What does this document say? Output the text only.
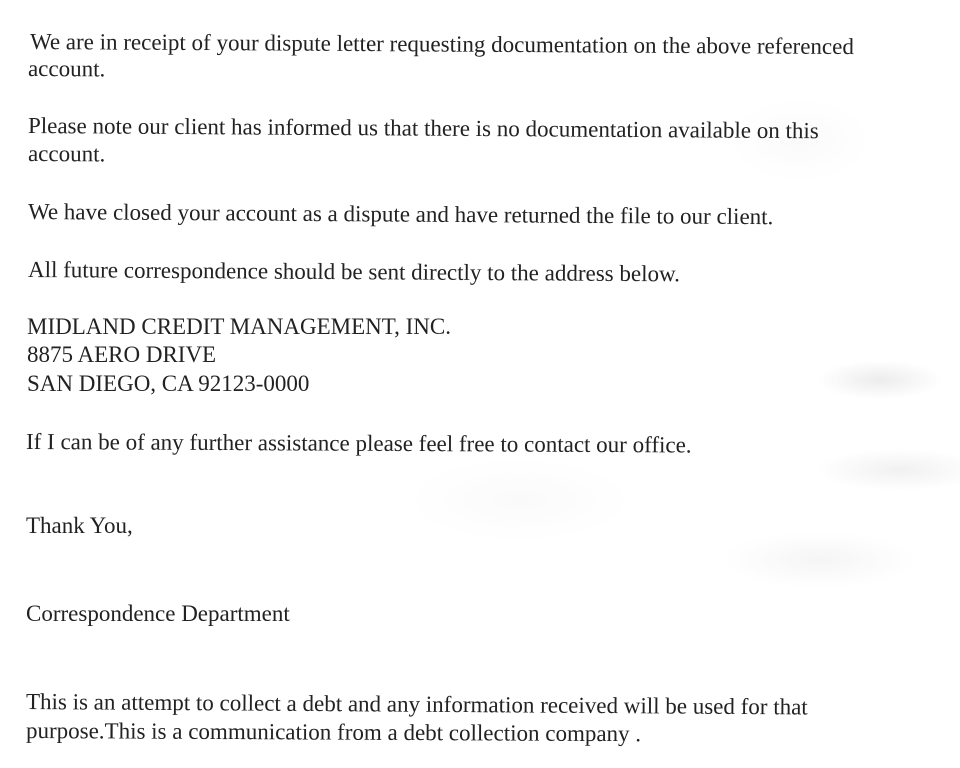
We are in receipt of your dispute letter requesting documentation on the above referenced
account.
Please note our client has informed us that there is no documentation available on this
account.
We have closed your account as a dispute and have returned the file to our client.
All future correspondence should be sent directly to the address below.
MIDLAND CREDIT MANAGEMENT, INC.
8875 AERO DRIVE
SAN DIEGO, CA 92123-0000
If I can be of any further assistance please feel free to contact our office.
Thank You,
Correspondence Department
This is an attempt to collect a debt and any information received will be used for that
purpose.This is a communication from a debt collection company .
